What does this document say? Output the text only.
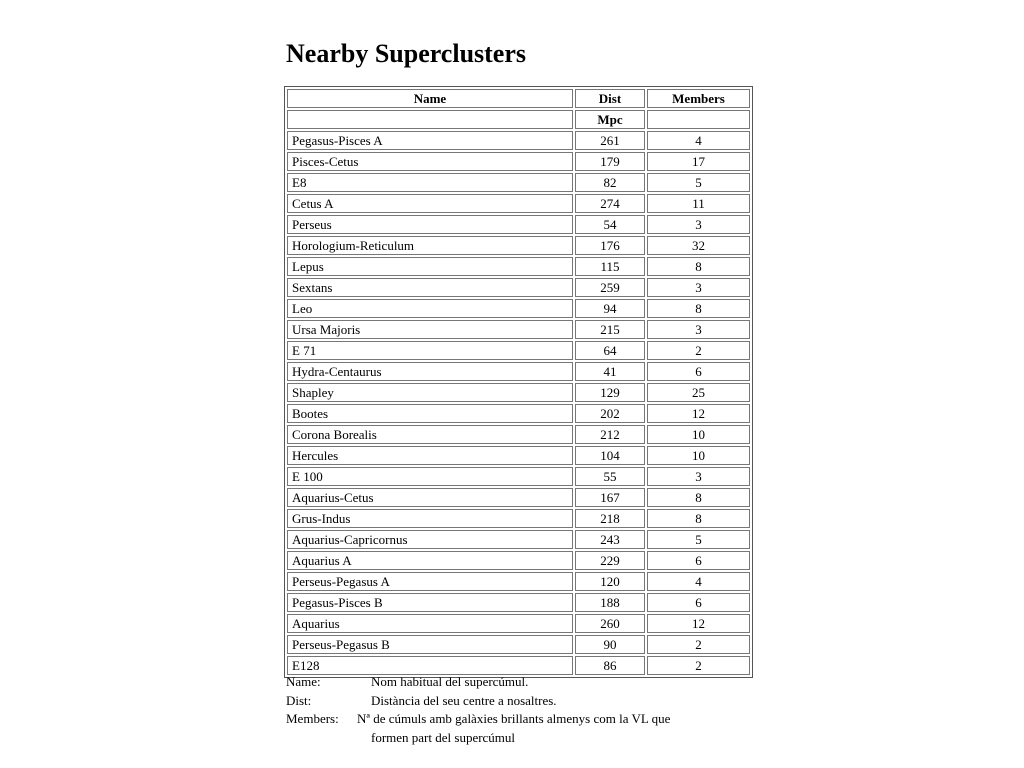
Nearby Superclusters
Name	Dist	Members
	Mpc	
Pegasus-Pisces A	261	4
Pisces-Cetus	179	17
E8	82	5
Cetus A	274	11
Perseus	54	3
Horologium-Reticulum	176	32
Lepus	115	8
Sextans	259	3
Leo	94	8
Ursa Majoris	215	3
E 71	64	2
Hydra-Centaurus	41	6
Shapley	129	25
Bootes	202	12
Corona Borealis	212	10
Hercules	104	10
E 100	55	3
Aquarius-Cetus	167	8
Grus-Indus	218	8
Aquarius-Capricornus	243	5
Aquarius A	229	6
Perseus-Pegasus A	120	4
Pegasus-Pisces B	188	6
Aquarius	260	12
Perseus-Pegasus B	90	2
E128	86	2
Name:	Nom habitual del supercúmul.
Dist:	Distància del seu centre a nosaltres.
Members: Nª de cúmuls amb galàxies brillants almenys com la VL que
formen part del supercúmul
